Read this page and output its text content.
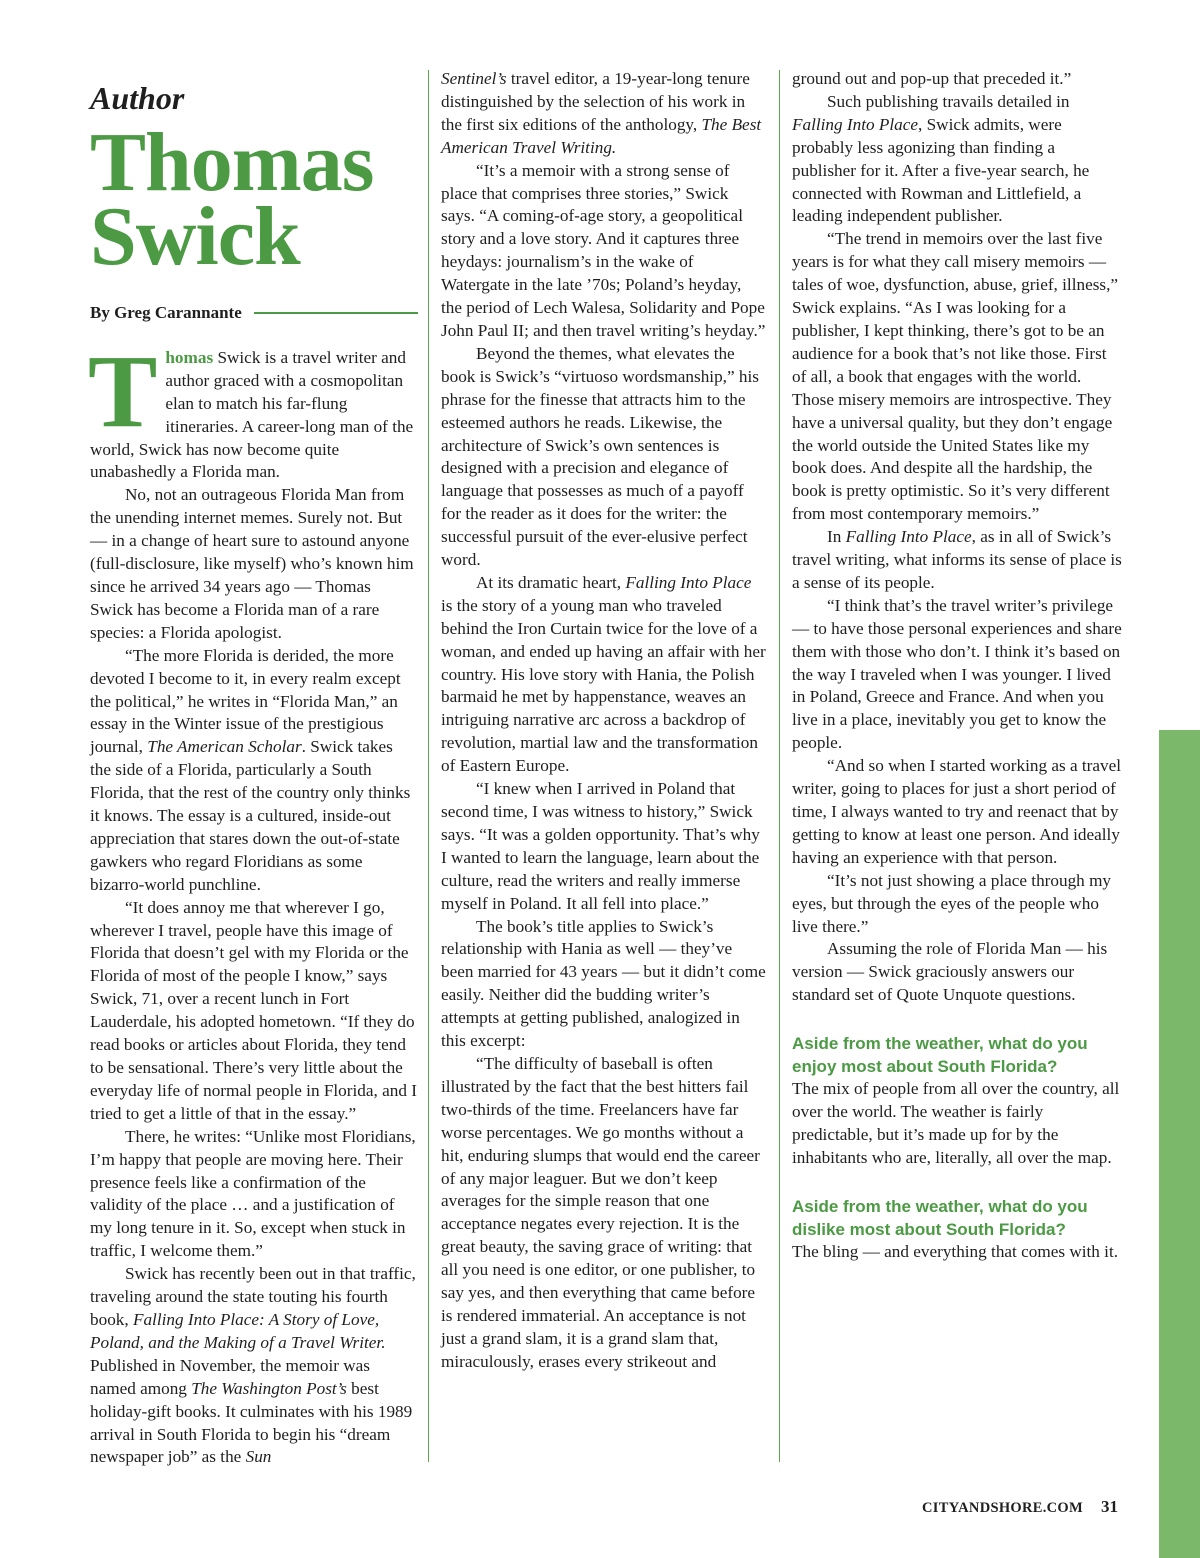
Author
Thomas
Swick
By Greg Carannante

Thomas Swick is a travel writer and author graced with a cosmopolitan elan to match his far-flung itineraries. A career-long man of the world, Swick has now become quite unabashedly a Florida man.

No, not an outrageous Florida Man from the unending internet memes. Surely not. But — in a change of heart sure to astound anyone (full-disclosure, like myself) who’s known him since he arrived 34 years ago — Thomas Swick has become a Florida man of a rare species: a Florida apologist.

“The more Florida is derided, the more devoted I become to it, in every realm except the political,” he writes in “Florida Man,” an essay in the Winter issue of the prestigious journal, The American Scholar. Swick takes the side of a Florida, particularly a South Florida, that the rest of the country only thinks it knows. The essay is a cultured, inside-out appreciation that stares down the out-of-state gawkers who regard Floridians as some bizarro-world punchline.

“It does annoy me that wherever I go, wherever I travel, people have this image of Florida that doesn’t gel with my Florida or the Florida of most of the people I know,” says Swick, 71, over a recent lunch in Fort Lauderdale, his adopted hometown. “If they do read books or articles about Florida, they tend to be sensational. There’s very little about the everyday life of normal people in Florida, and I tried to get a little of that in the essay.”

There, he writes: “Unlike most Floridians, I’m happy that people are moving here. Their presence feels like a confirmation of the validity of the place … and a justification of my long tenure in it. So, except when stuck in traffic, I welcome them.”

Swick has recently been out in that traffic, traveling around the state touting his fourth book, Falling Into Place: A Story of Love, Poland, and the Making of a Travel Writer. Published in November, the memoir was named among The Washington Post’s best holiday-gift books. It culminates with his 1989 arrival in South Florida to begin his “dream newspaper job” as the Sun

Sentinel’s travel editor, a 19-year-long tenure distinguished by the selection of his work in the first six editions of the anthology, The Best American Travel Writing.

“It’s a memoir with a strong sense of place that comprises three stories,” Swick says. “A coming-of-age story, a geopolitical story and a love story. And it captures three heydays: journalism’s in the wake of Watergate in the late ’70s; Poland’s heyday, the period of Lech Walesa, Solidarity and Pope John Paul II; and then travel writing’s heyday.”

Beyond the themes, what elevates the book is Swick’s “virtuoso wordsmanship,” his phrase for the finesse that attracts him to the esteemed authors he reads. Likewise, the architecture of Swick’s own sentences is designed with a precision and elegance of language that possesses as much of a payoff for the reader as it does for the writer: the successful pursuit of the ever-elusive perfect word.

At its dramatic heart, Falling Into Place is the story of a young man who traveled behind the Iron Curtain twice for the love of a woman, and ended up having an affair with her country. His love story with Hania, the Polish barmaid he met by happenstance, weaves an intriguing narrative arc across a backdrop of revolution, martial law and the transformation of Eastern Europe.

“I knew when I arrived in Poland that second time, I was witness to history,” Swick says. “It was a golden opportunity. That’s why I wanted to learn the language, learn about the culture, read the writers and really immerse myself in Poland. It all fell into place.”

The book’s title applies to Swick’s relationship with Hania as well — they’ve been married for 43 years — but it didn’t come easily. Neither did the budding writer’s attempts at getting published, analogized in this excerpt:

“The difficulty of baseball is often illustrated by the fact that the best hitters fail two-thirds of the time. Freelancers have far worse percentages. We go months without a hit, enduring slumps that would end the career of any major leaguer. But we don’t keep averages for the simple reason that one acceptance negates every rejection. It is the great beauty, the saving grace of writing: that all you need is one editor, or one publisher, to say yes, and then everything that came before is rendered immaterial. An acceptance is not just a grand slam, it is a grand slam that, miraculously, erases every strikeout and

ground out and pop-up that preceded it.”

Such publishing travails detailed in Falling Into Place, Swick admits, were probably less agonizing than finding a publisher for it. After a five-year search, he connected with Rowman and Littlefield, a leading independent publisher.

“The trend in memoirs over the last five years is for what they call misery memoirs — tales of woe, dysfunction, abuse, grief, illness,” Swick explains. “As I was looking for a publisher, I kept thinking, there’s got to be an audience for a book that’s not like those. First of all, a book that engages with the world. Those misery memoirs are introspective. They have a universal quality, but they don’t engage the world outside the United States like my book does. And despite all the hardship, the book is pretty optimistic. So it’s very different from most contemporary memoirs.”

In Falling Into Place, as in all of Swick’s travel writing, what informs its sense of place is a sense of its people.

“I think that’s the travel writer’s privilege — to have those personal experiences and share them with those who don’t. I think it’s based on the way I traveled when I was younger. I lived in Poland, Greece and France. And when you live in a place, inevitably you get to know the people.

“And so when I started working as a travel writer, going to places for just a short period of time, I always wanted to try and reenact that by getting to know at least one person. And ideally having an experience with that person.

“It’s not just showing a place through my eyes, but through the eyes of the people who live there.”

Assuming the role of Florida Man — his version — Swick graciously answers our standard set of Quote Unquote questions.

Aside from the weather, what do you enjoy most about South Florida?

The mix of people from all over the country, all over the world. The weather is fairly predictable, but it’s made up for by the inhabitants who are, literally, all over the map.

Aside from the weather, what do you dislike most about South Florida?

The bling — and everything that comes with it.

CITYANDSHORE.COM 31
